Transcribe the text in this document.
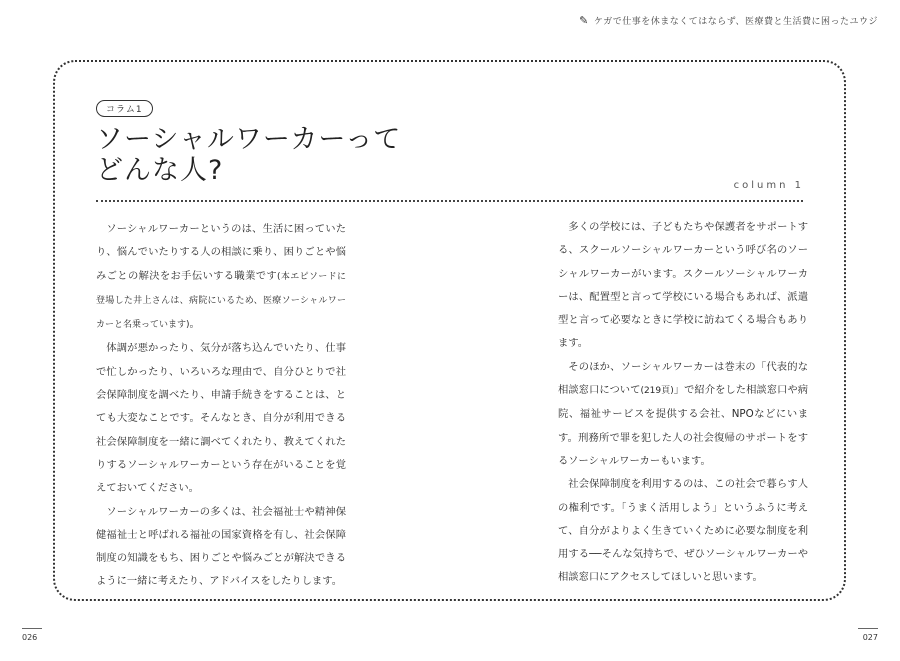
✎ ケガで仕事を休まなくてはならず、医療費と生活費に困ったユウジ
コラム1
ソーシャルワーカーって
どんな人?	column 1

ソーシャルワーカーというのは、生活に困っていたり、悩んでいたりする人の相談に乗り、困りごとや悩みごとの解決をお手伝いする職業です(本エピソードに登場した井上さんは、病院にいるため、医療ソーシャルワーカーと名乗っています)。

体調が悪かったり、気分が落ち込んでいたり、仕事で忙しかったり、いろいろな理由で、自分ひとりで社会保障制度を調べたり、申請手続きをすることは、とても大変なことです。そんなとき、自分が利用できる社会保障制度を一緒に調べてくれたり、教えてくれたりするソーシャルワーカーという存在がいることを覚えておいてください。

ソーシャルワーカーの多くは、社会福祉士や精神保健福祉士と呼ばれる福祉の国家資格を有し、社会保障制度の知識をもち、困りごとや悩みごとが解決できるように一緒に考えたり、アドバイスをしたりします。

多くの学校には、子どもたちや保護者をサポートする、スクールソーシャルワーカーという呼び名のソーシャルワーカーがいます。スクールソーシャルワーカーは、配置型と言って学校にいる場合もあれば、派遣型と言って必要なときに学校に訪ねてくる場合もあります。

そのほか、ソーシャルワーカーは巻末の「代表的な相談窓口について(219頁)」で紹介をした相談窓口や病院、福祉サービスを提供する会社、NPOなどにいます。刑務所で罪を犯した人の社会復帰のサポートをするソーシャルワーカーもいます。

社会保障制度を利用するのは、この社会で暮らす人の権利です。「うまく活用しよう」というふうに考えて、自分がよりよく生きていくために必要な制度を利用する──そんな気持ちで、ぜひソーシャルワーカーや相談窓口にアクセスしてほしいと思います。

026	027
